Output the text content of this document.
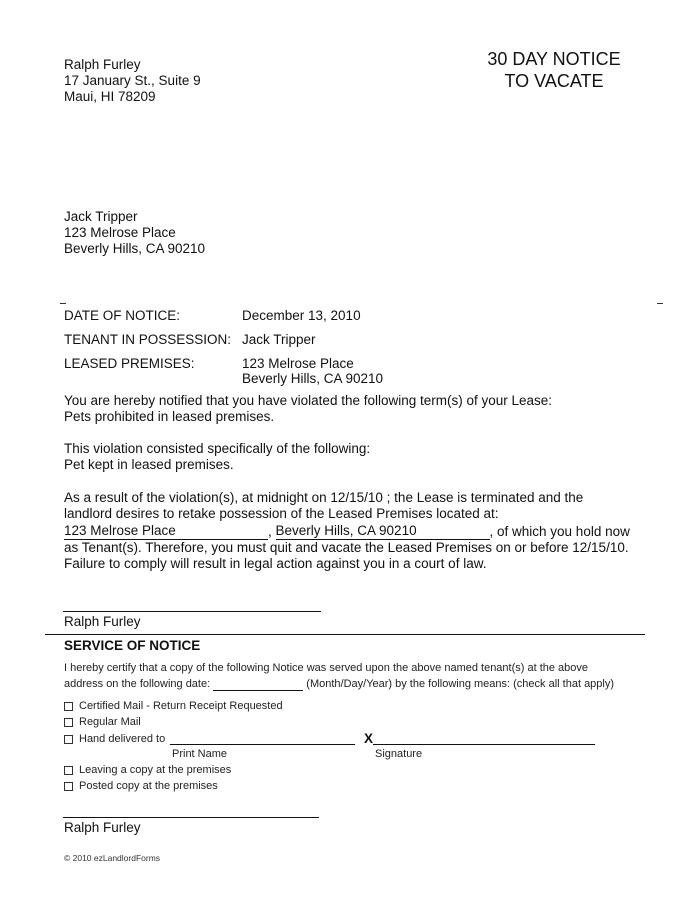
Ralph Furley
17 January St., Suite 9
Maui, HI 78209
30 DAY NOTICE
TO VACATE
Jack Tripper
123 Melrose Place
Beverly Hills, CA 90210
DATE OF NOTICE:	December 13, 2010
TENANT IN POSSESSION: Jack Tripper
LEASED PREMISES:	123 Melrose Place
Beverly Hills, CA 90210
You are hereby notified that you have violated the following term(s) of your Lease:
Pets prohibited in leased premises.
This violation consisted specifically of the following:
Pet kept in leased premises.
As a result of the violation(s), at midnight on 12/15/10 ; the Lease is terminated and the
landlord desires to retake possession of the Leased Premises located at:
123 Melrose Place	, Beverly Hills, CA 90210	, of which you hold now
as Tenant(s). Therefore, you must quit and vacate the Leased Premises on or before 12/15/10.
Failure to comply will result in legal action against you in a court of law.
Ralph Furley
SERVICE OF NOTICE
I hereby certify that a copy of the following Notice was served upon the above named tenant(s) at the above
address on the following date:	(Month/Day/Year) by the following means: (check all that apply)
Certified Mail - Return Receipt Requested
Regular Mail
Hand delivered to	X
Print Name	Signature
Leaving a copy at the premises
Posted copy at the premises
Ralph Furley
© 2010 ezLandlordForms
